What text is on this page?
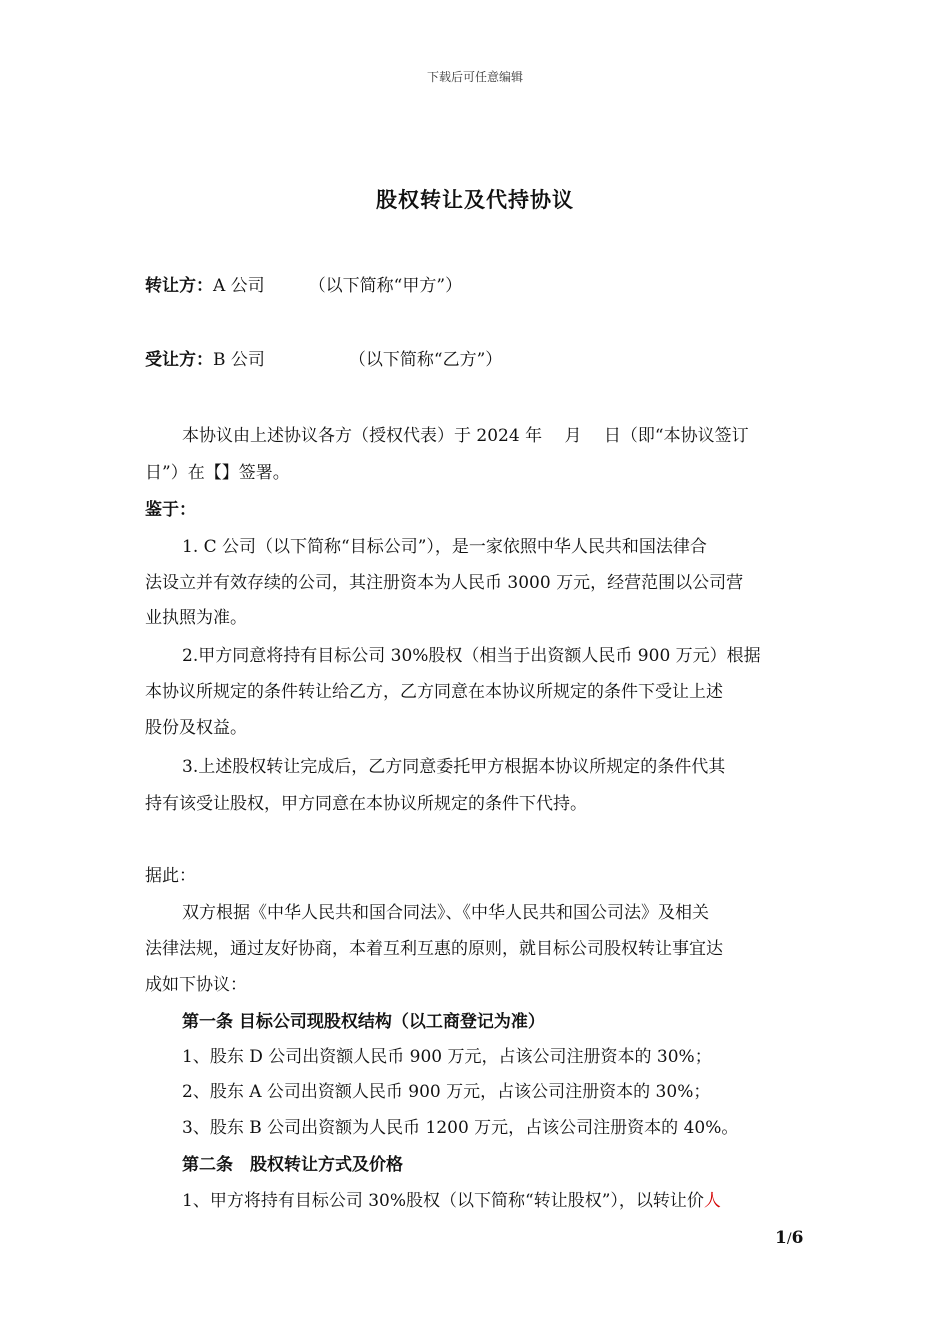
下载后可任意编辑
股权转让及代持协议
转让方：A 公司	（以下简称“甲方”）
受让方：B 公司	（以下简称“乙方”）
本协议由上述协议各方（授权代表）于 2024 年　 月　 日（即“本协议签订
日”）在【】签署。
鉴于：
1. C 公司（以下简称“目标公司”），是一家依照中华人民共和国法律合
法设立并有效存续的公司，其注册资本为人民币 3000 万元，经营范围以公司营
业执照为准。
2.甲方同意将持有目标公司 30%股权（相当于出资额人民币 900 万元）根据
本协议所规定的条件转让给乙方，乙方同意在本协议所规定的条件下受让上述
股份及权益。
3.上述股权转让完成后，乙方同意委托甲方根据本协议所规定的条件代其
持有该受让股权，甲方同意在本协议所规定的条件下代持。
据此：
双方根据《中华人民共和国合同法》、《中华人民共和国公司法》及相关
法律法规，通过友好协商，本着互利互惠的原则，就目标公司股权转让事宜达
成如下协议：
第一条 目标公司现股权结构（以工商登记为准）
1、股东 D 公司出资额人民币 900 万元，占该公司注册资本的 30%；
2、股东 A 公司出资额人民币 900 万元，占该公司注册资本的 30%；
3、股东 B 公司出资额为人民币 1200 万元，占该公司注册资本的 40%。
第二条　股权转让方式及价格
1、甲方将持有目标公司 30%股权（以下简称“转让股权”），以转让价人
1/6
